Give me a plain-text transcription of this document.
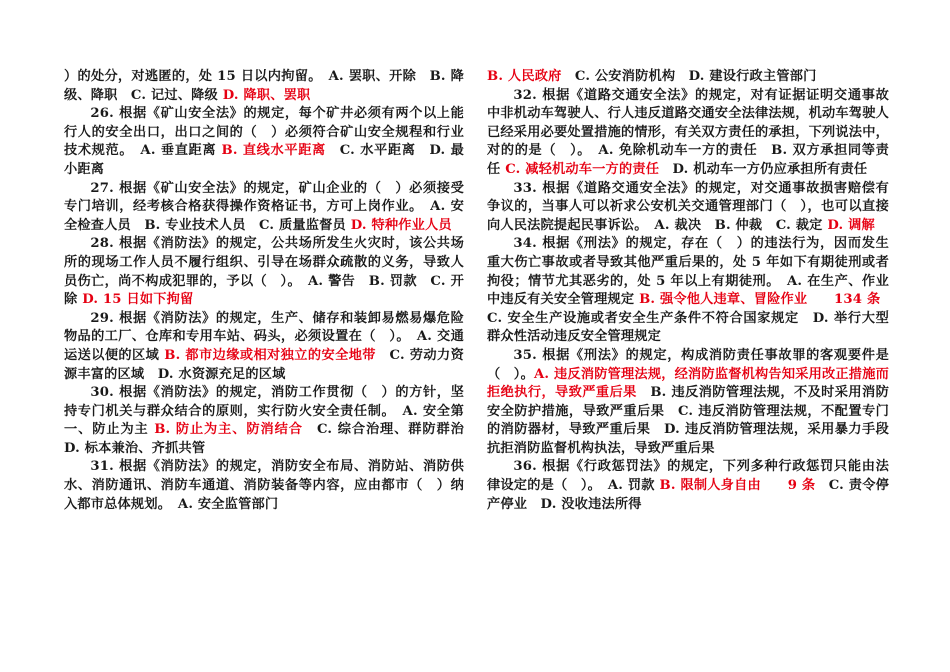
）的处分，对逃匿的，处 15 日以内拘留。　A. 罢职、开除　B. 降级、降职　C. 记过、降级 D. 降职、罢职

26. 根据《矿山安全法》的规定，每个矿井必须有两个以上能行人的安全出口，出口之间的（　）必须符合矿山安全规程和行业技术规范。　A. 垂直距离 B. 直线水平距离　C. 水平距离　D. 最小距离

27. 根据《矿山安全法》的规定，矿山企业的（　）必须接受专门培训，经考核合格获得操作资格证书，方可上岗作业。　A. 安全检查人员　B. 专业技术人员　C. 质量监督员 D. 特种作业人员

28. 根据《消防法》的规定，公共场所发生火灾时，该公共场所的现场工作人员不履行组织、引导在场群众疏散的义务，导致人员伤亡，尚不构成犯罪的，予以（　）。　A. 警告　B. 罚款　C. 开除 D. 15 日如下拘留

29. 根据《消防法》的规定，生产、储存和装卸易燃易爆危险物品的工厂、仓库和专用车站、码头，必须设置在（　）。　A. 交通运送以便的区域 B. 都市边缘或相对独立的安全地带　C. 劳动力资源丰富的区域　D. 水资源充足的区域

30. 根据《消防法》的规定，消防工作贯彻（　）的方针，坚持专门机关与群众结合的原则，实行防火安全责任制。　A. 安全第一、防止为主 B. 防止为主、防消结合　C. 综合治理、群防群治　D. 标本兼治、齐抓共管

31. 根据《消防法》的规定，消防安全布局、消防站、消防供水、消防通讯、消防车通道、消防装备等内容，应由都市（　）纳入都市总体规划。　A. 安全监管部门

B. 人民政府　C. 公安消防机构　D. 建设行政主管部门

32. 根据《道路交通安全法》的规定，对有证据证明交通事故中非机动车驾驶人、行人违反道路交通安全法律法规，机动车驾驶人已经采用必要处置措施的情形，有关双方责任的承担，下列说法中，对的的是（　）。　A. 免除机动车一方的责任　B. 双方承担同等责任 C. 减轻机动车一方的责任　D. 机动车一方仍应承担所有责任

33. 根据《道路交通安全法》的规定，对交通事故损害赔偿有争议的，当事人可以祈求公安机关交通管理部门（　），也可以直接向人民法院提起民事诉讼。　A. 裁决　B. 仲裁　C. 裁定 D. 调解

34. 根据《刑法》的规定，存在（　）的违法行为，因而发生重大伤亡事故或者导致其他严重后果的，处 5 年如下有期徒刑或者拘役；情节尤其恶劣的，处 5 年以上有期徒刑。　A. 在生产、作业中违反有关安全管理规定 B. 强令他人违章、冒险作业　　134 条　C. 安全生产设施或者安全生产条件不符合国家规定　D. 举行大型群众性活动违反安全管理规定

35. 根据《刑法》的规定，构成消防责任事故罪的客观要件是（　）。A. 违反消防管理法规，经消防监督机构告知采用改正措施而拒绝执行，导致严重后果　B. 违反消防管理法规，不及时采用消防安全防护措施，导致严重后果　C. 违反消防管理法规，不配置专门的消防器材，导致严重后果　D. 违反消防管理法规，采用暴力手段抗拒消防监督机构执法，导致严重后果

36. 根据《行政惩罚法》的规定，下列多种行政惩罚只能由法律设定的是（　）。　A. 罚款 B. 限制人身自由　　9 条　C. 责令停产停业　D. 没收违法所得
